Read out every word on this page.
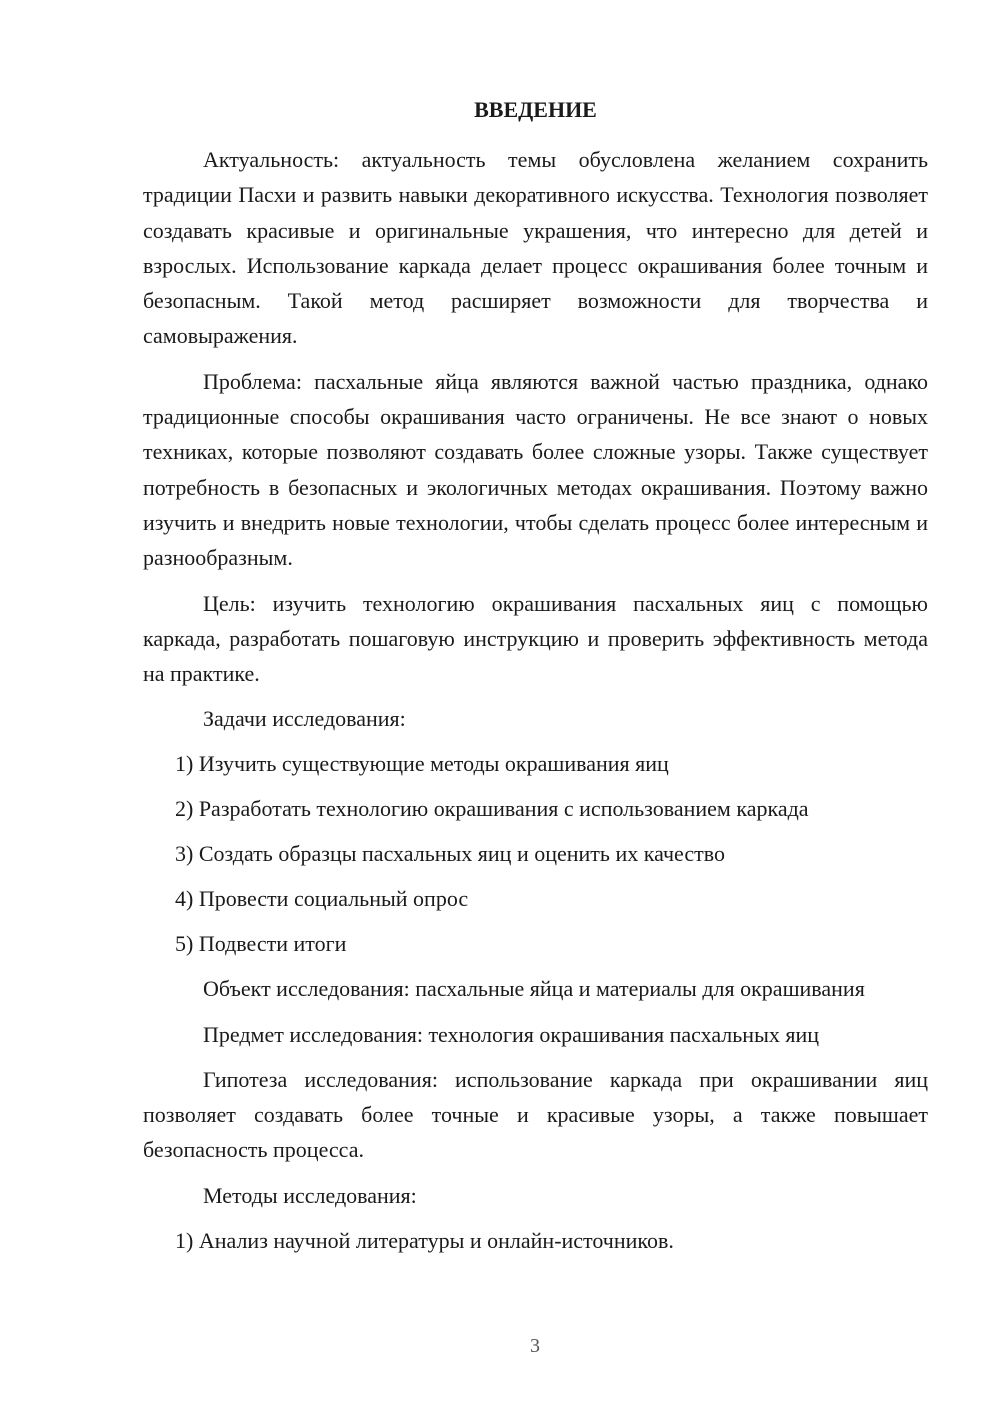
ВВЕДЕНИЕ

Актуальность: актуальность темы обусловлена желанием сохранить традиции Пасхи и развить навыки декоративного искусства. Технология позволяет создавать красивые и оригинальные украшения, что интересно для детей и взрослых. Использование каркада делает процесс окрашивания более точным и безопасным. Такой метод расширяет возможности для творчества и самовыражения.

Проблема: пасхальные яйца являются важной частью праздника, однако традиционные способы окрашивания часто ограничены. Не все знают о новых техниках, которые позволяют создавать более сложные узоры. Также существует потребность в безопасных и экологичных методах окрашивания. Поэтому важно изучить и внедрить новые технологии, чтобы сделать процесс более интересным и разнообразным.

Цель: изучить технологию окрашивания пасхальных яиц с помощью каркада, разработать пошаговую инструкцию и проверить эффективность метода на практике.

Задачи исследования:

1) Изучить существующие методы окрашивания яиц
2) Разработать технологию окрашивания с использованием каркада
3) Создать образцы пасхальных яиц и оценить их качество
4) Провести социальный опрос
5) Подвести итоги

Объект исследования: пасхальные яйца и материалы для окрашивания

Предмет исследования: технология окрашивания пасхальных яиц

Гипотеза исследования: использование каркада при окрашивании яиц позволяет создавать более точные и красивые узоры, а также повышает безопасность процесса.

Методы исследования:

1) Анализ научной литературы и онлайн-источников.
3
